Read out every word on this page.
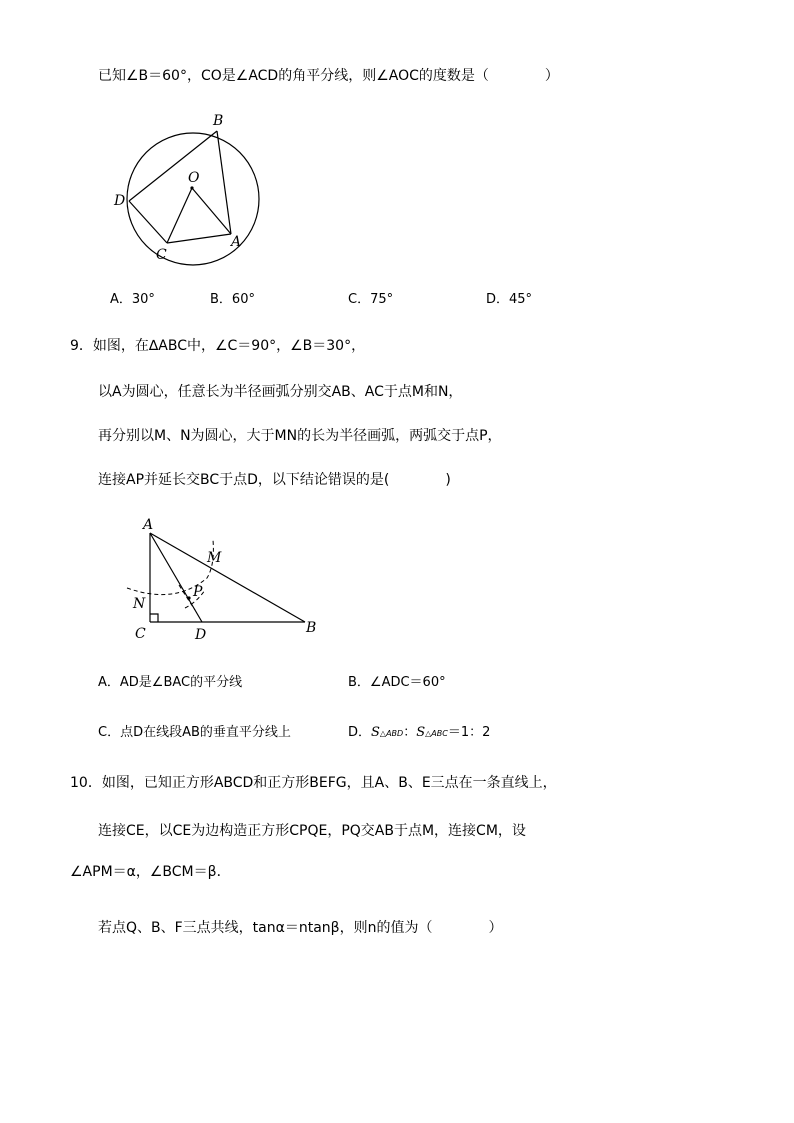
已知∠B＝60°，CO是∠ACD的角平分线，则∠AOC的度数是（　　　　）
B
O
D
C
A
A．30°	B．60°	C．75°	D．45°
9．如图，在∆ABC中，∠C＝90°，∠B＝30°，
以A为圆心，任意长为半径画弧分别交AB、AC于点M和N，
再分别以M、N为圆心，大于MN的长为半径画弧，两弧交于点P，
连接AP并延长交BC于点D，以下结论错误的是(　　　　)
A
M
P
N
C	D	B
A．AD是∠BAC的平分线	B．∠ADC＝60°
C．点D在线段AB的垂直平分线上	D．S△ABD：S△ABC＝1：2
10．如图，已知正方形ABCD和正方形BEFG，且A、B、E三点在一条直线上，
连接CE，以CE为边构造正方形CPQE，PQ交AB于点M，连接CM，设
∠APM＝α，∠BCM＝β．
若点Q、B、F三点共线，tanα＝ntanβ，则n的值为（　　　　）
